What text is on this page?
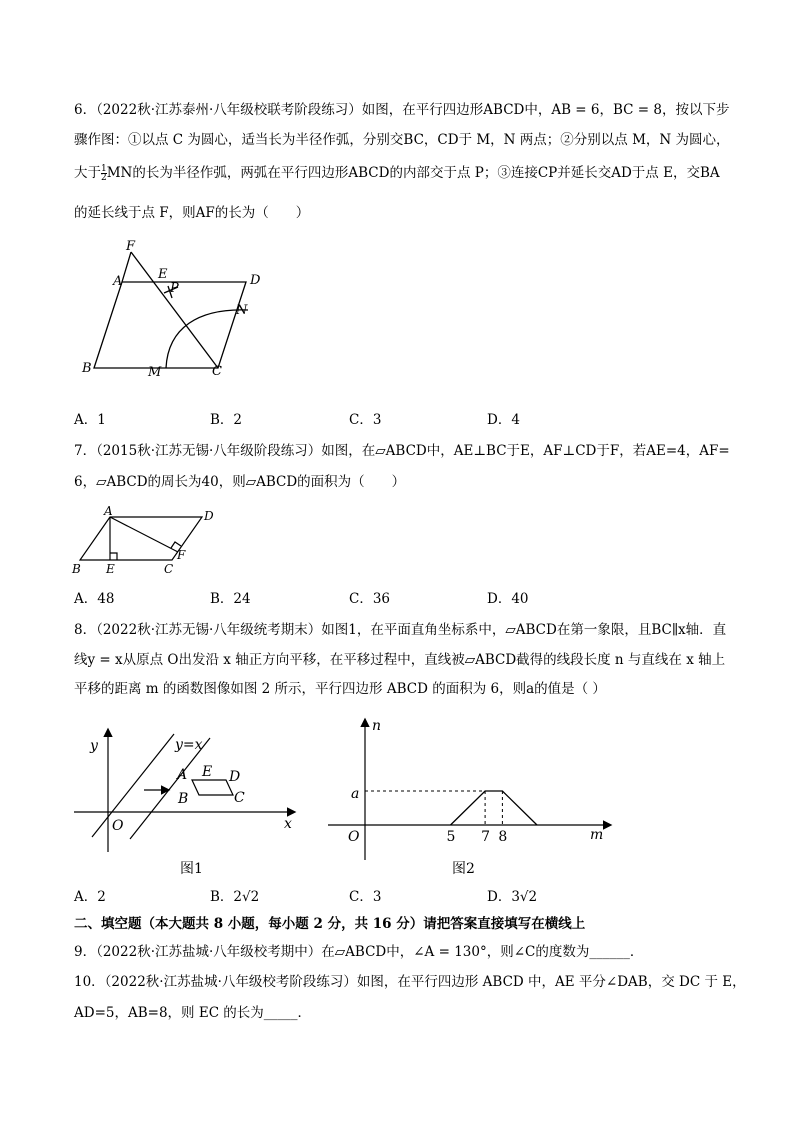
6．（2022秋·江苏泰州·八年级校联考阶段练习）如图，在平行四边形ABCD中，AB = 6，BC = 8，按以下步
骤作图：①以点 C 为圆心，适当长为半径作弧，分别交BC，CD于 M，N 两点；②分别以点 M，N 为圆心，
大于 $\frac{1}{2}$ MN的长为半径作弧，两弧在平行四边形ABCD的内部交于点 P；③连接CP并延长交AD于点 E，交BA
的延长线于点 F，则AF的长为（　　）
F
A	E
P
D
N
B	M	C
A．1	B．2	C．3	D．4
7．（2015秋·江苏无锡·八年级阶段练习）如图，在▱ABCD中，AE⊥BC于E，AF⊥CD于F，若AE=4，AF=
6，▱ABCD的周长为40，则▱ABCD的面积为（　　）
A	D
F
B E	C
A．48	B．24	C．36	D．40
8．（2022秋·江苏无锡·八年级统考期末）如图1，在平面直角坐标系中，▱ABCD在第一象限，且BC∥x轴．直
线y = x从原点 O出发沿 x 轴正方向平移，在平移过程中，直线被▱ABCD截得的线段长度 n 与直线在 x 轴上
平移的距离 m 的函数图像如图 2 所示，平行四边形 ABCD 的面积为 6，则a的值是（ ）
y
x
O
y=x
A E D
B	C
图1
n
m
O
a
5 7 8
图2
A．2	B．2√2	C．3	D．3√2
二、填空题（本大题共 8 小题，每小题 2 分，共 16 分）请把答案直接填写在横线上
9．（2022秋·江苏盐城·八年级校考期中）在▱ABCD中，∠A = 130°，则∠C的度数为______．
10．（2022秋·江苏盐城·八年级校考阶段练习）如图，在平行四边形 ABCD 中，AE 平分∠DAB，交 DC 于 E，
AD=5，AB=8，则 EC 的长为_____．
